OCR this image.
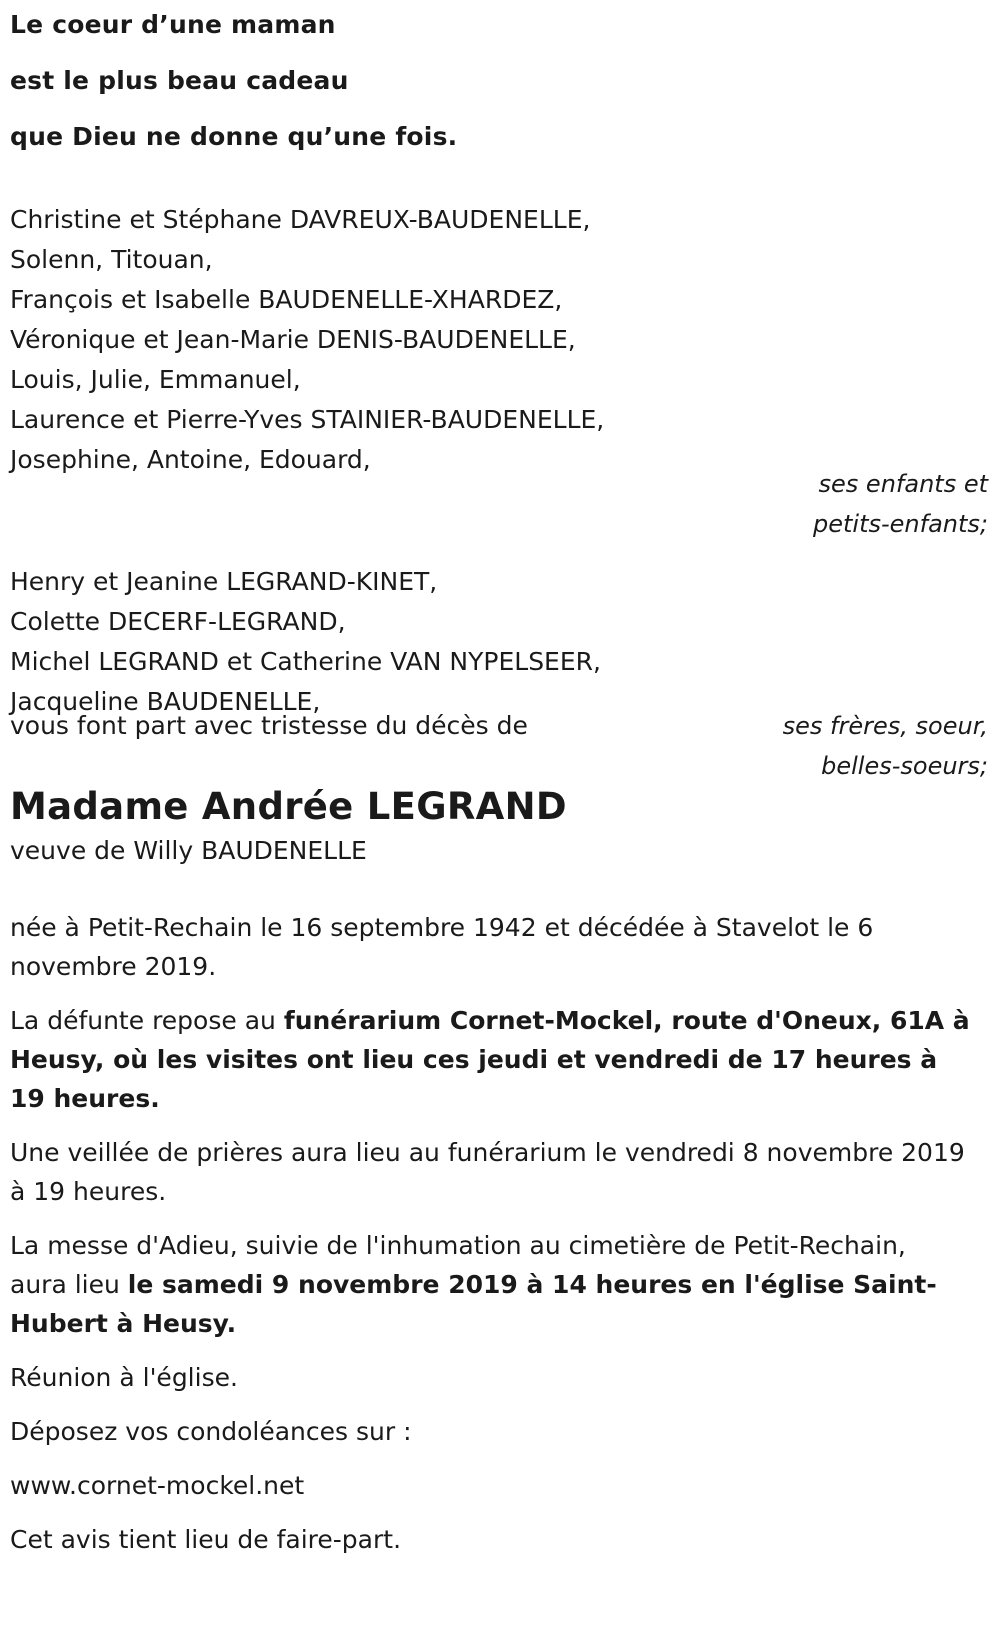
Le coeur d’une maman

est le plus beau cadeau

que Dieu ne donne qu’une fois.

Christine et Stéphane DAVREUX-BAUDENELLE,
Solenn, Titouan,
François et Isabelle BAUDENELLE-XHARDEZ,
Véronique et Jean-Marie DENIS-BAUDENELLE,
Louis, Julie, Emmanuel,
Laurence et Pierre-Yves STAINIER-BAUDENELLE,
Josephine, Antoine, Edouard,
ses enfants et
petits-enfants;
Henry et Jeanine LEGRAND-KINET,
Colette DECERF-LEGRAND,
Michel LEGRAND et Catherine VAN NYPELSEER,
Jacqueline BAUDENELLE,
ses frères, soeur,
belles-soeurs;
vous font part avec tristesse du décès de
Madame Andrée LEGRAND
veuve de Willy BAUDENELLE

née à Petit-Rechain le 16 septembre 1942 et décédée à Stavelot le 6 novembre 2019.

La défunte repose au funérarium Cornet-Mockel, route d'Oneux, 61A à Heusy, où les visites ont lieu ces jeudi et vendredi de 17 heures à 19 heures.

Une veillée de prières aura lieu au funérarium le vendredi 8 novembre 2019 à 19 heures.

La messe d'Adieu, suivie de l'inhumation au cimetière de Petit-Rechain, aura lieu le samedi 9 novembre 2019 à 14 heures en l'église Saint-Hubert à Heusy.

Réunion à l'église.

Déposez vos condoléances sur :

www.cornet-mockel.net

Cet avis tient lieu de faire-part.
